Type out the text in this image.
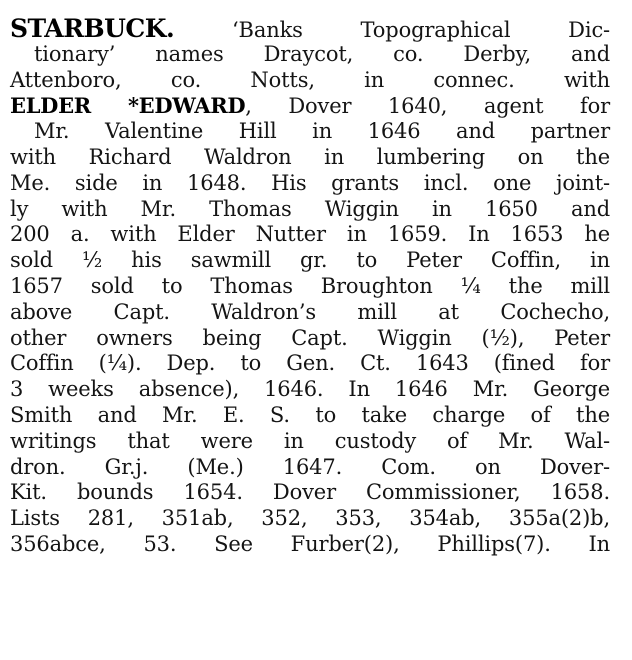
STARBUCK. ‘Banks Topographical Dic-
tionary’ names Draycot, co. Derby, and
Attenboro, co. Notts, in connec. with
ELDER *EDWARD, Dover 1640, agent for
Mr. Valentine Hill in 1646 and partner
with Richard Waldron in lumbering on the
Me. side in 1648. His grants incl. one joint-
ly with Mr. Thomas Wiggin in 1650 and
200 a. with Elder Nutter in 1659. In 1653 he
sold ½ his sawmill gr. to Peter Coffin, in
1657 sold to Thomas Broughton ¼ the mill
above Capt. Waldron’s mill at Cochecho,
other owners being Capt. Wiggin (½), Peter
Coffin (¼). Dep. to Gen. Ct. 1643 (fined for
3 weeks absence), 1646. In 1646 Mr. George
Smith and Mr. E. S. to take charge of the
writings that were in custody of Mr. Wal-
dron. Gr.j. (Me.) 1647. Com. on Dover-
Kit. bounds 1654. Dover Commissioner, 1658.
Lists 281, 351ab, 352, 353, 354ab, 355a(2)b,
356abce, 53. See Furber(2), Phillips(7). In
